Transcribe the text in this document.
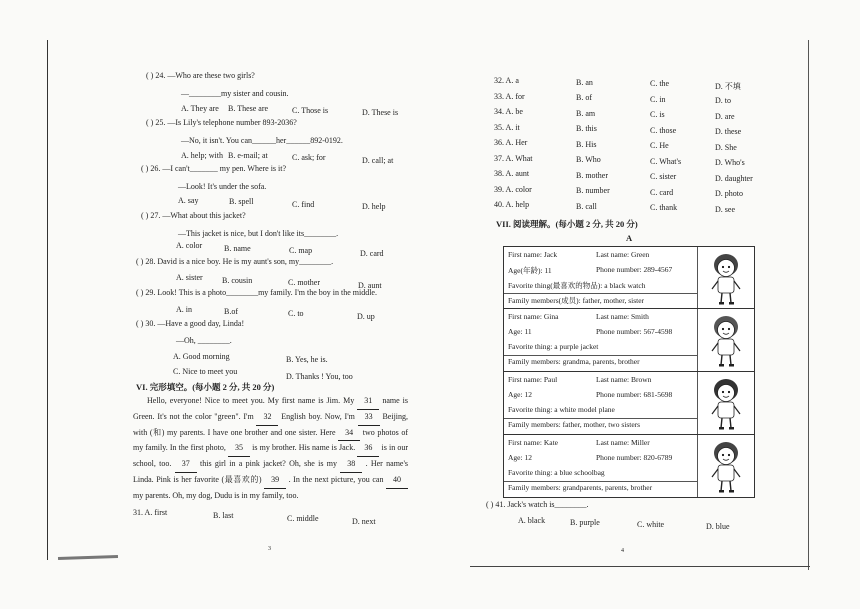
( ) 24. —Who are these two girls?
—________my sister and cousin.
A. They are B. These are	C. Those is	D. These is
( ) 25. —Is Lily's telephone number 893-2036?
—No, it isn't. You can______her______892-0192.
A. help; with B. e-mail; at	C. ask; for	D. call; at
( ) 26. —I can't_______ my pen. Where is it?
—Look! It's under the sofa.
A. say	B. spell	C. find	D. help
( ) 27. —What about this jacket?
—This jacket is nice, but I don't like its________.
A. color	B. name	C. map	D. card
( ) 28. David is a nice boy. He is my aunt's son, my________.
A. sister B. cousin	C. mother	D. aunt
( ) 29. Look! This is a photo________my family. I'm the boy in the middle.
A. in	B.of	C. to	D. up
( ) 30. —Have a good day, Linda!
—Oh, ________.
A. Good morning	B. Yes, he is.
C. Nice to meet you
D. Thanks ! You, too
VI. 完形填空。(每小题 2 分, 共 20 分)
Hello, everyone! Nice to meet you. My first name is Jim. My 31 name is Green. It's not the color "green". I'm 32 English boy. Now, I'm 33 Beijing, with (和) my parents. I have one brother and one sister. Here 34 two photos of my family. In the first photo, 35 is my brother. His name is Jack. 36 is in our school, too. 37 this girl in a pink jacket? Oh, she is my 38 . Her name's Linda. Pink is her favorite (最喜欢的) 39 . In the next picture, you can 40 my parents. Oh, my dog, Dudu is in my family, too.
31. A. first	B. last	C. middle	D. next
3
32. A. a	B. an	C. the	D. 不填
33. A. for	B. of	C. in	D. to
34. A. be	B. am	C. is	D. are
35. A. it	B. this	C. those	D. these
36. A. Her	B. His	C. He	D. She
37. A. What	B. Who	C. What's	D. Who's
38. A. aunt	B. mother	C. sister	D. daughter
39. A. color	B. number	C. card	D. photo
40. A. help	B. call	C. thank	D. see
VII. 阅读理解。(每小题 2 分, 共 20 分)
A
First name: Jack	Last name: Green
Age(年龄): 11	Phone number: 289-4567
Favorite thing(最喜欢的物品): a black watch
Family members(成员): father, mother, sister
First name: Gina	Last name: Smith
Age: 11	Phone number: 567-4598
Favorite thing: a purple jacket
Family members: grandma, parents, brother
First name: Paul	Last name: Brown
Age: 12	Phone number: 681-5698
Favorite thing: a white model plane
Family members: father, mother, two sisters
First name: Kate	Last name: Miller
Age: 12	Phone number: 820-6789
Favorite thing: a blue schoolbag
Family members: grandparents, parents, brother
( ) 41. Jack's watch is________.
A. black	B. purple	C. white	D. blue
4
